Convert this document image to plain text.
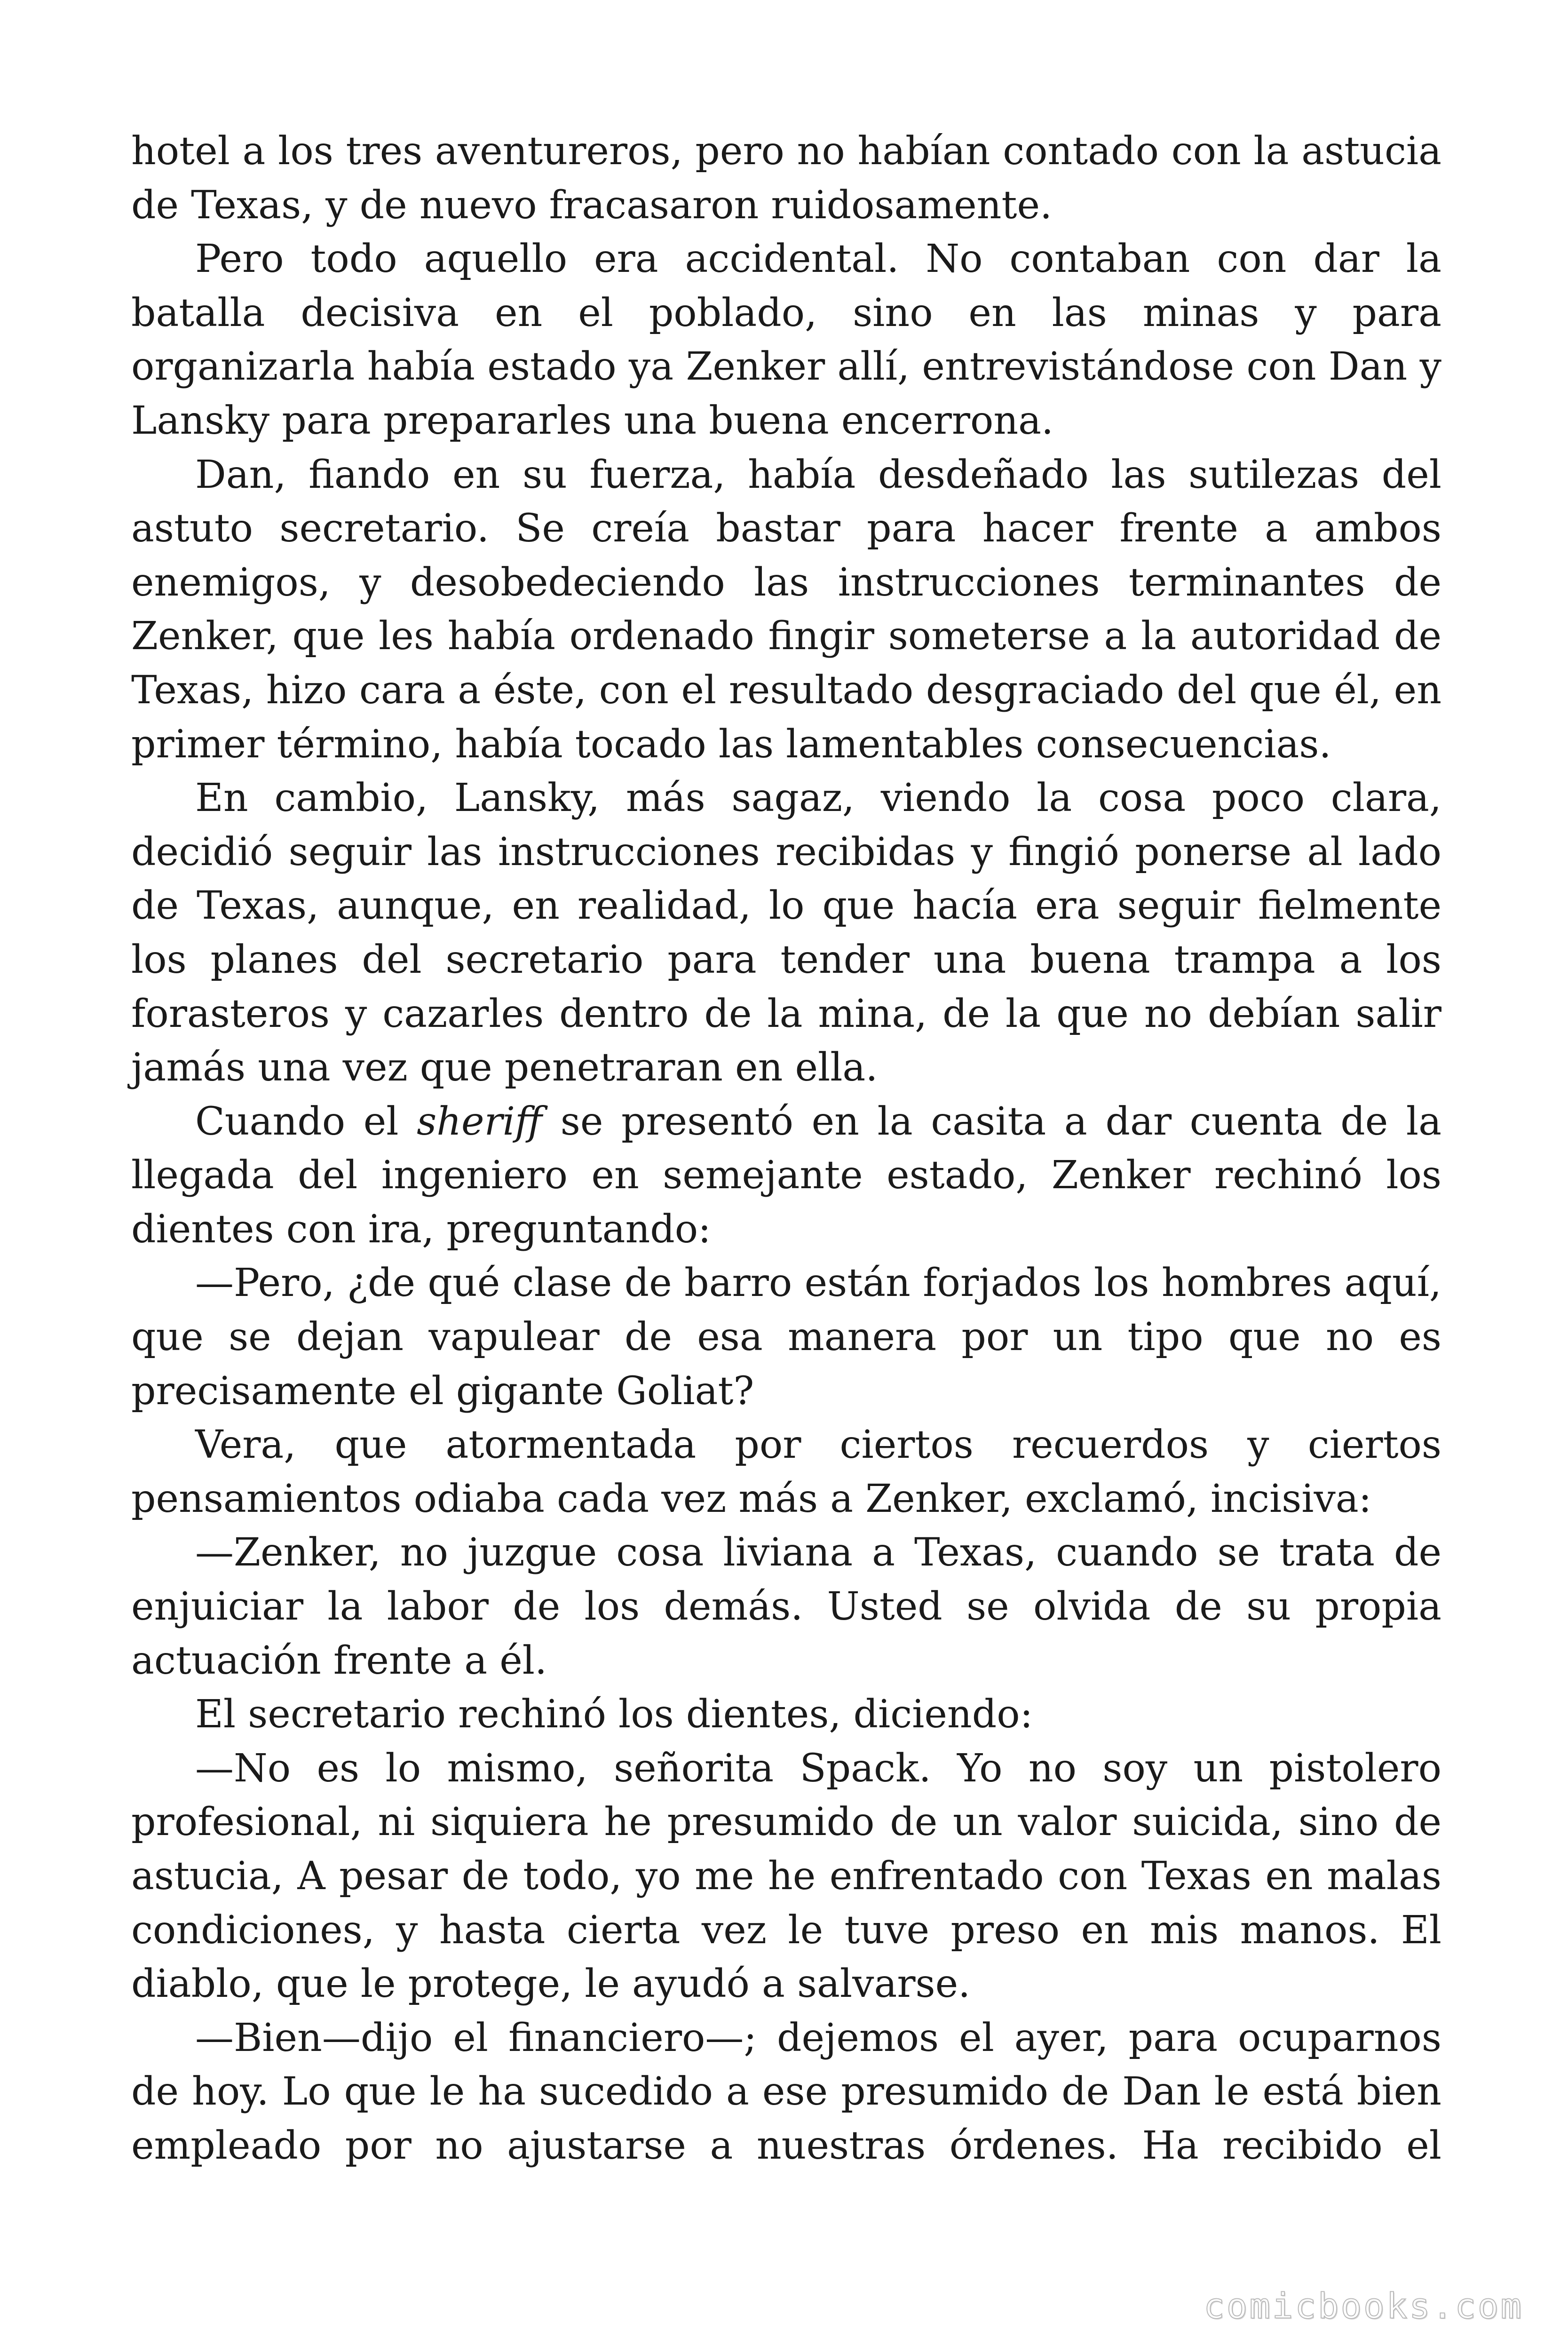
hotel a los tres aventureros, pero no habían contado con la astucia de Texas, y de nuevo fracasaron ruidosamente.

Pero todo aquello era accidental. No contaban con dar la batalla decisiva en el poblado, sino en las minas y para organizarla había estado ya Zenker allí, entrevistándose con Dan y Lansky para prepararles una buena encerrona.

Dan, fiando en su fuerza, había desdeñado las sutilezas del astuto secretario. Se creía bastar para hacer frente a ambos enemigos, y desobedeciendo las instrucciones terminantes de Zenker, que les había ordenado fingir someterse a la autoridad de Texas, hizo cara a éste, con el resultado desgraciado del que él, en primer término, había tocado las lamentables consecuencias.

En cambio, Lansky, más sagaz, viendo la cosa poco clara, decidió seguir las instrucciones recibidas y fingió ponerse al lado de Texas, aunque, en realidad, lo que hacía era seguir fielmente los planes del secretario para tender una buena trampa a los forasteros y cazarles dentro de la mina, de la que no debían salir jamás una vez que penetraran en ella.

Cuando el sheriff se presentó en la casita a dar cuenta de la llegada del ingeniero en semejante estado, Zenker rechinó los dientes con ira, preguntando:

—Pero, ¿de qué clase de barro están forjados los hombres aquí, que se dejan vapulear de esa manera por un tipo que no es precisamente el gigante Goliat?

Vera, que atormentada por ciertos recuerdos y ciertos pensamientos odiaba cada vez más a Zenker, exclamó, incisiva:

—Zenker, no juzgue cosa liviana a Texas, cuando se trata de enjuiciar la labor de los demás. Usted se olvida de su propia actuación frente a él.

El secretario rechinó los dientes, diciendo:

—No es lo mismo, señorita Spack. Yo no soy un pistolero profesional, ni siquiera he presumido de un valor suicida, sino de astucia, A pesar de todo, yo me he enfrentado con Texas en malas condiciones, y hasta cierta vez le tuve preso en mis manos. El diablo, que le protege, le ayudó a salvarse.

—Bien—dijo el financiero—; dejemos el ayer, para ocuparnos de hoy. Lo que le ha sucedido a ese presumido de Dan le está bien empleado por no ajustarse a nuestras órdenes. Ha recibido el

comicbooks.com
